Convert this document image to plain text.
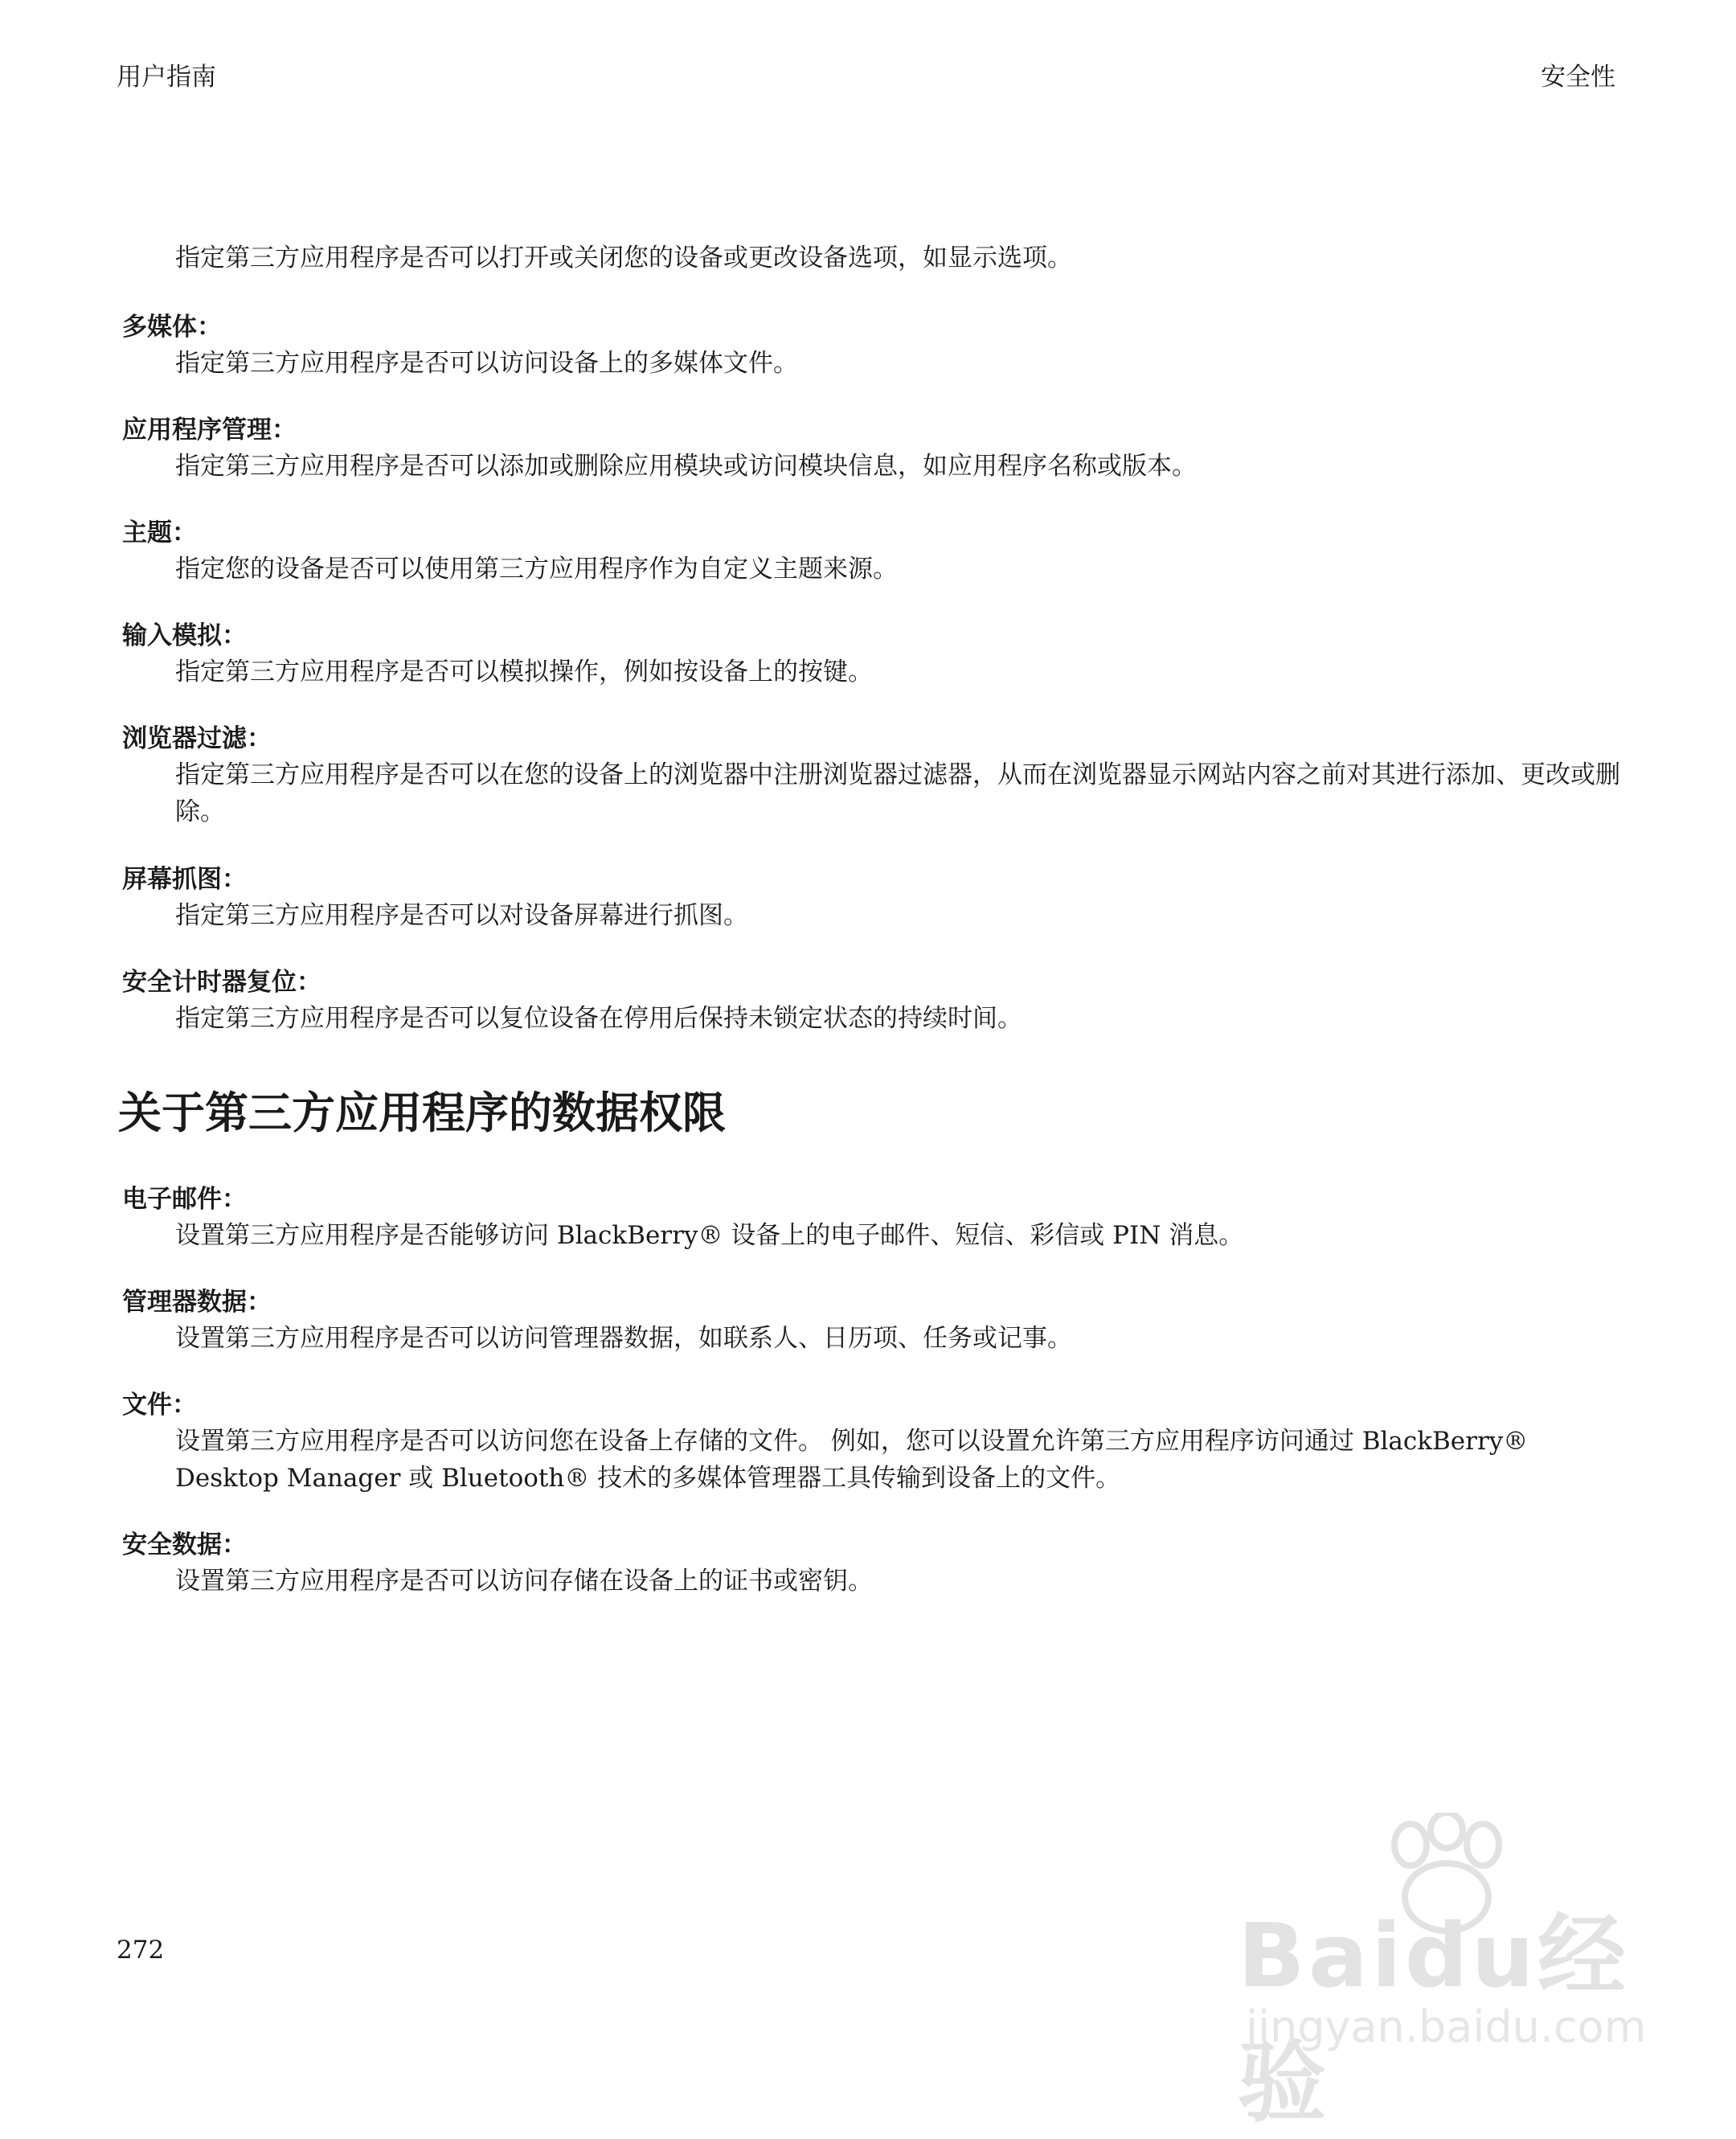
用户指南	安全性
指定第三方应用程序是否可以打开或关闭您的设备或更改设备选项，如显示选项。
多媒体：
指定第三方应用程序是否可以访问设备上的多媒体文件。
应用程序管理：
指定第三方应用程序是否可以添加或删除应用模块或访问模块信息，如应用程序名称或版本。
主题：
指定您的设备是否可以使用第三方应用程序作为自定义主题来源。
输入模拟：
指定第三方应用程序是否可以模拟操作，例如按设备上的按键。
浏览器过滤：
指定第三方应用程序是否可以在您的设备上的浏览器中注册浏览器过滤器，从而在浏览器显示网站内容之前对其进行添加、更改或删除。
屏幕抓图：
指定第三方应用程序是否可以对设备屏幕进行抓图。
安全计时器复位：
指定第三方应用程序是否可以复位设备在停用后保持未锁定状态的持续时间。
关于第三方应用程序的数据权限
电子邮件：
设置第三方应用程序是否能够访问 BlackBerry® 设备上的电子邮件、短信、彩信或 PIN 消息。
管理器数据：
设置第三方应用程序是否可以访问管理器数据，如联系人、日历项、任务或记事。
文件：
设置第三方应用程序是否可以访问您在设备上存储的文件。 例如，您可以设置允许第三方应用程序访问通过 BlackBerry® Desktop Manager 或 Bluetooth® 技术的多媒体管理器工具传输到设备上的文件。
安全数据：
设置第三方应用程序是否可以访问存储在设备上的证书或密钥。
272	Baidu经验
jingyan.baidu.com
